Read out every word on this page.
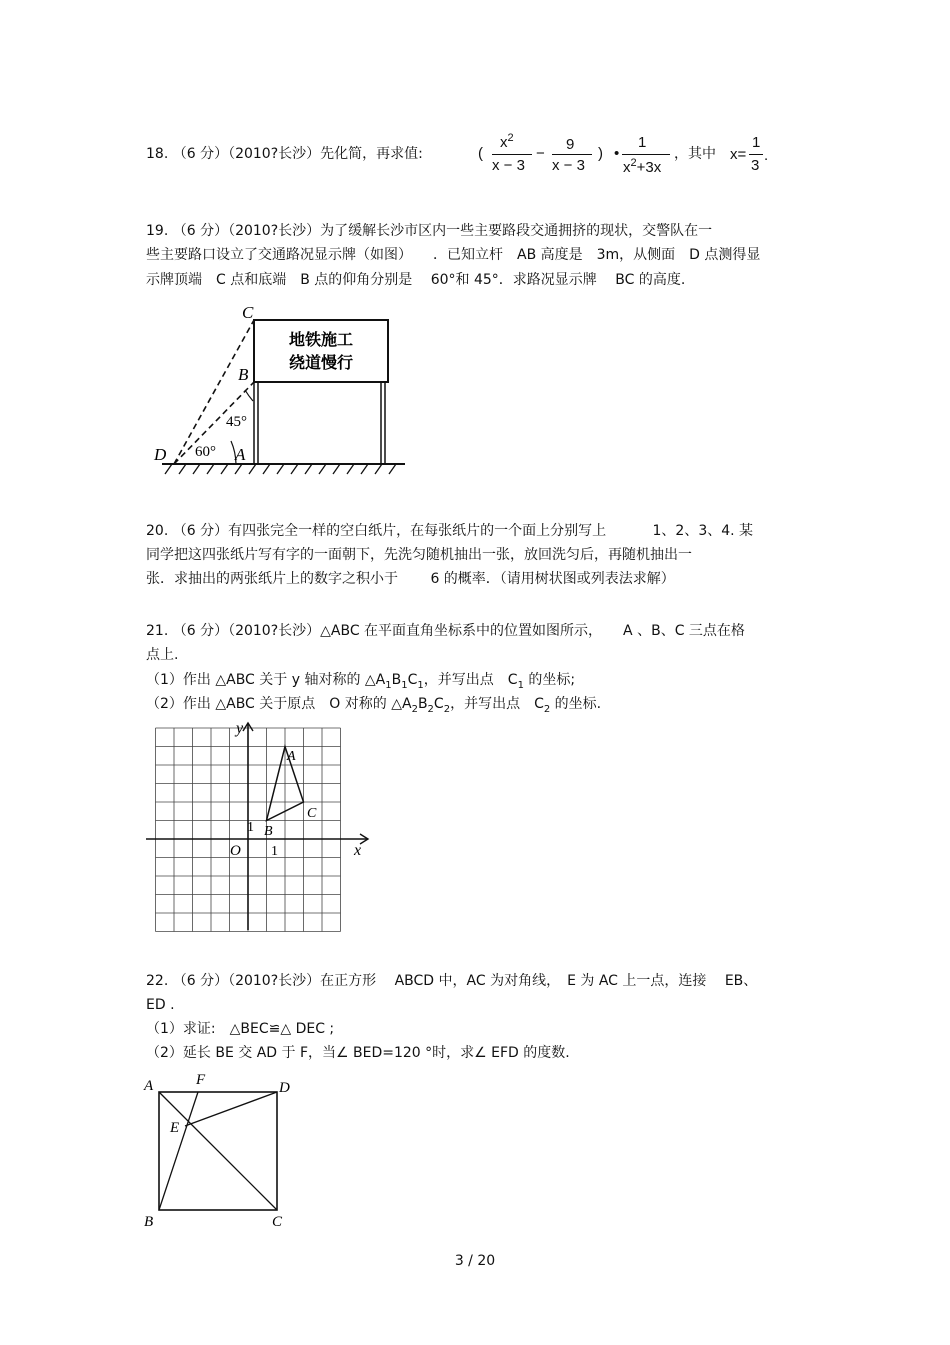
18. （6 分）（2010?长沙）先化简，再求值:	(
$x^2$
x − 3
−
9
x − 3
) •
1
$x^2+3x$
，其中 x=
1
3
.
19. （6 分）（2010?长沙）为了缓解长沙市区内一些主要路段交通拥挤的现状，交警队在一
些主要路口设立了交通路况显示牌（如图）　　．已知立杆　AB 高度是　3m，从侧面　D 点测得显
示牌顶端　C 点和底端　B 点的仰角分别是　 60°和 45°．求路况显示牌　 BC 的高度.
地铁施工
绕道慢行
C
B
A
D
45°
60°
20. （6 分）有四张完全一样的空白纸片，在每张纸片的一个面上分别写上　　　 1、2、3、4. 某
同学把这四张纸片写有字的一面朝下，先洗匀随机抽出一张，放回洗匀后，再随机抽出一
张．求抽出的两张纸片上的数字之积小于　　 6 的概率．（请用树状图或列表法求解）
21. （6 分）（2010?长沙）△ABC 在平面直角坐标系中的位置如图所示，　　A 、B、C 三点在格
点上.
（1）作出 △ABC 关于 y 轴对称的 $\triangle A_1B_1C_1$，并写出点　$C_1$ 的坐标;
（2）作出 △ABC 关于原点　O 对称的 $\triangle A_2B_2C_2$，并写出点　$C_2$ 的坐标.
x
y
O 1
1
A
B
C
22. （6 分）（2010?长沙）在正方形　 ABCD 中，AC 为对角线，　E 为 AC 上一点，连接　 EB、
ED .
（1）求证:　△BEC≌△ DEC ;
（2）延长 BE 交 AD 于 F，当∠ BED=120 °时，求∠ EFD 的度数.
A	F	D
E
B	C
3 / 20
